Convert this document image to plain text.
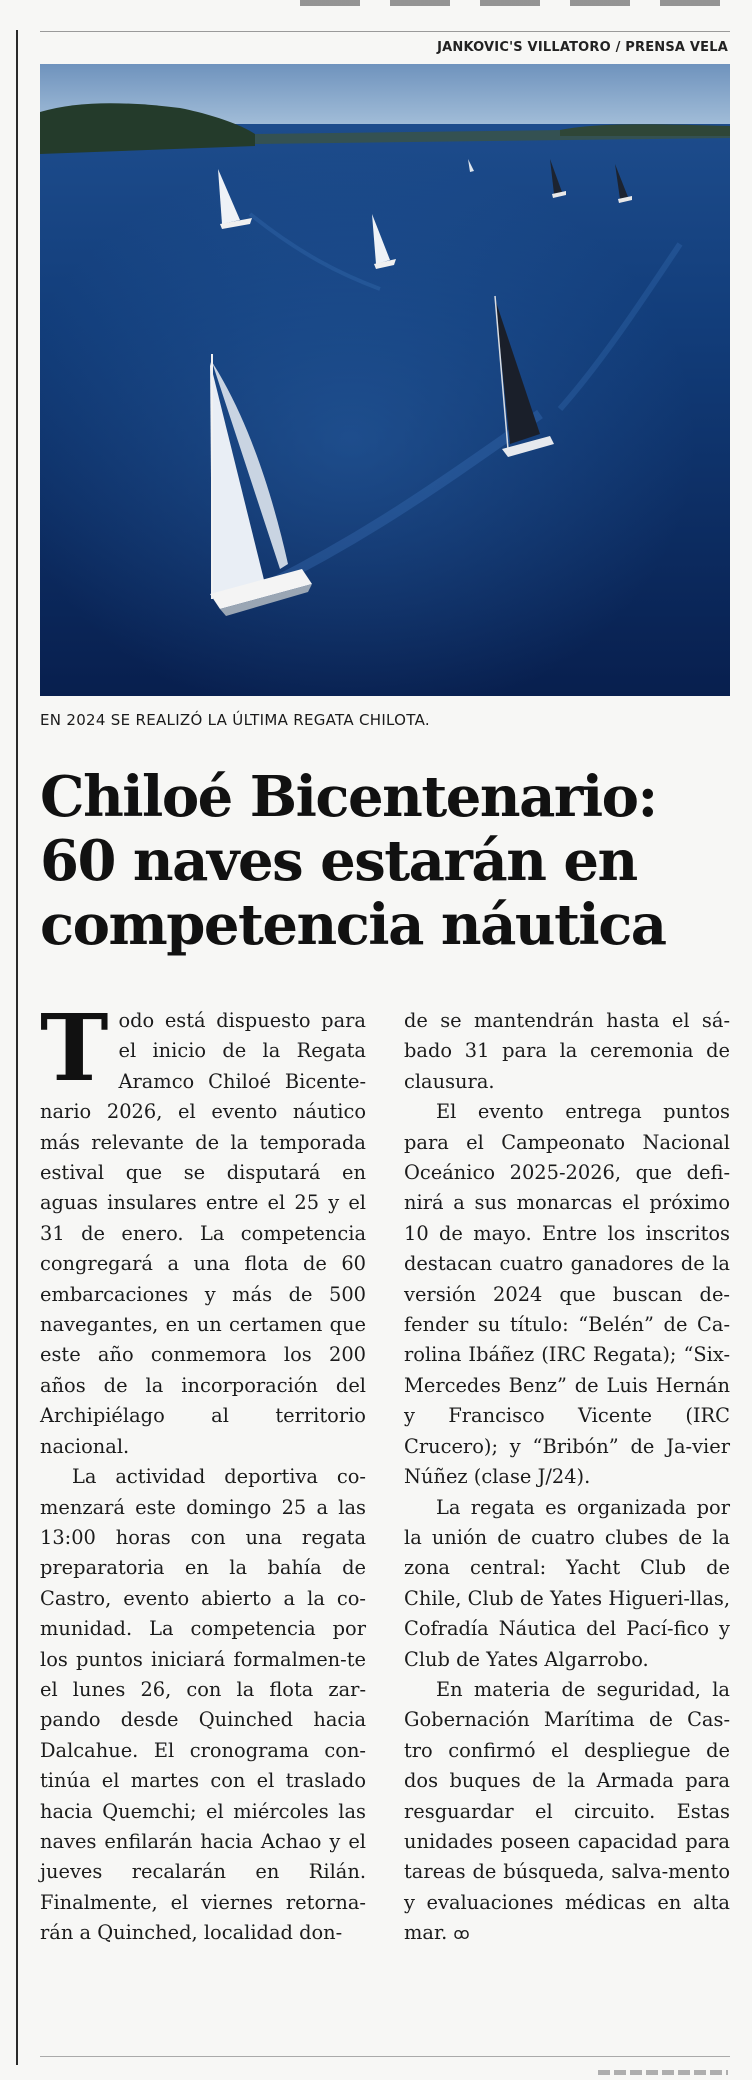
JANKOVIC'S VILLATORO / PRENSA VELA
EN 2024 SE REALIZÓ LA ÚLTIMA REGATA CHILOTA.
Chiloé Bicentenario:
60 naves estarán en
competencia náutica

Todo está dispuesto para el inicio de la Regata Aramco Chiloé Bicente-nario 2026, el evento náutico más relevante de la temporada estival que se disputará en aguas insulares entre el 25 y el 31 de enero. La competencia congregará a una flota de 60 embarcaciones y más de 500 navegantes, en un certamen que este año conmemora los 200 años de la incorporación del Archipiélago al territorio nacional.

La actividad deportiva co-menzará este domingo 25 a las 13:00 horas con una regata preparatoria en la bahía de Castro, evento abierto a la co-munidad. La competencia por los puntos iniciará formalmen-te el lunes 26, con la flota zar-pando desde Quinched hacia Dalcahue. El cronograma con-tinúa el martes con el traslado hacia Quemchi; el miércoles las naves enfilarán hacia Achao y el jueves recalarán en Rilán. Finalmente, el viernes retorna-rán a Quinched, localidad don-

de se mantendrán hasta el sá-bado 31 para la ceremonia de clausura.

El evento entrega puntos para el Campeonato Nacional Oceánico 2025-2026, que defi-nirá a sus monarcas el próximo 10 de mayo. Entre los inscritos destacan cuatro ganadores de la versión 2024 que buscan de-fender su título: “Belén” de Ca-rolina Ibáñez (IRC Regata); “Six-Mercedes Benz” de Luis Hernán y Francisco Vicente (IRC Crucero); y “Bribón” de Ja-vier Núñez (clase J/24).

La regata es organizada por la unión de cuatro clubes de la zona central: Yacht Club de Chile, Club de Yates Higueri-llas, Cofradía Náutica del Pací-fico y Club de Yates Algarrobo.

En materia de seguridad, la Gobernación Marítima de Cas-tro confirmó el despliegue de dos buques de la Armada para resguardar el circuito. Estas unidades poseen capacidad para tareas de búsqueda, salva-mento y evaluaciones médicas en alta mar. ꝏ
